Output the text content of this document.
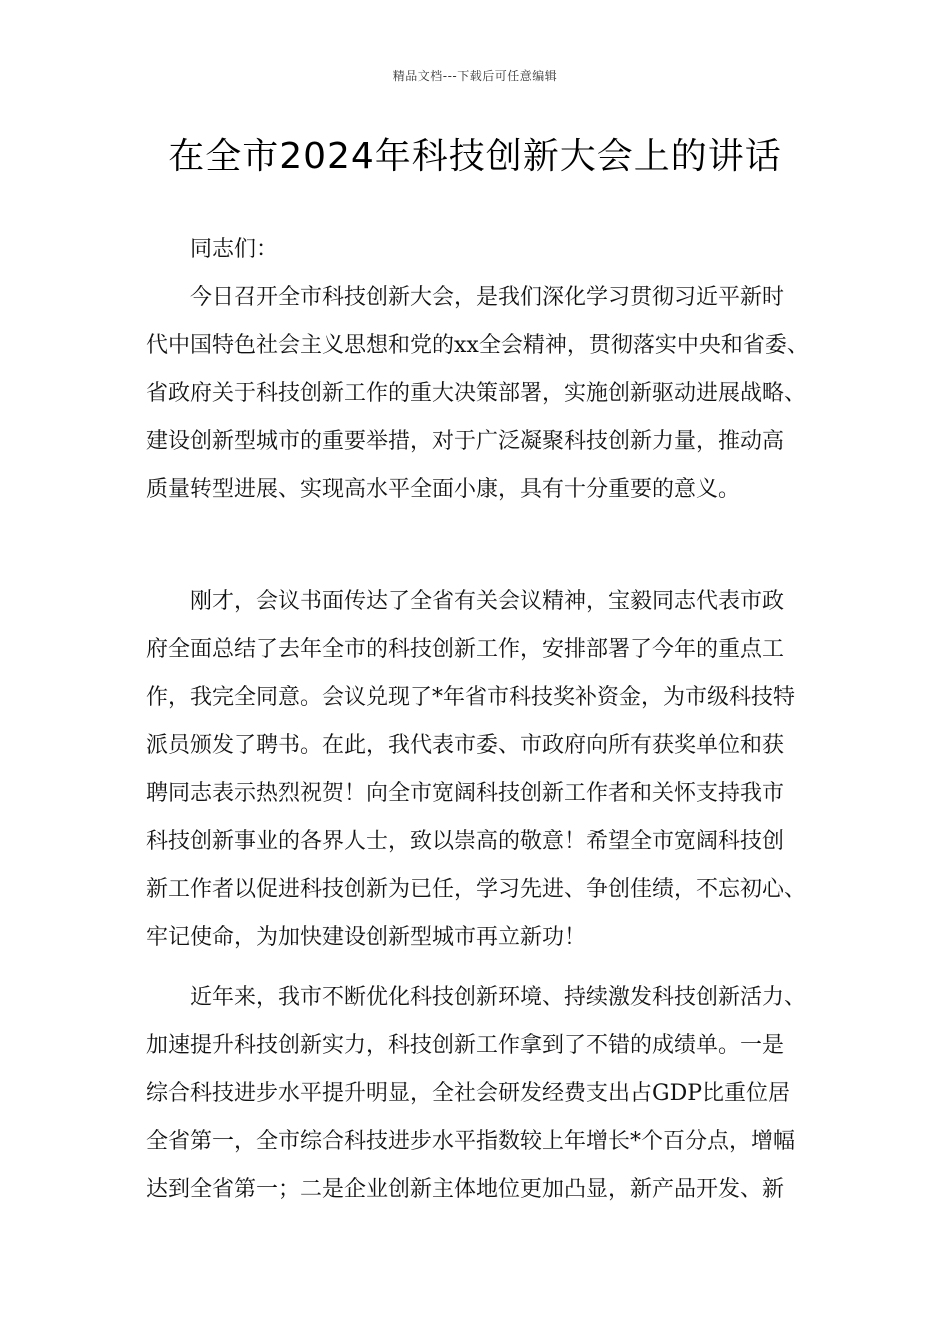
精品文档---下载后可任意编辑
在全市2024年科技创新大会上的讲话
同志们：
今日召开全市科技创新大会，是我们深化学习贯彻习近平新时
代中国特色社会主义思想和党的xx全会精神，贯彻落实中央和省委、
省政府关于科技创新工作的重大决策部署，实施创新驱动进展战略、
建设创新型城市的重要举措，对于广泛凝聚科技创新力量，推动高
质量转型进展、实现高水平全面小康，具有十分重要的意义。
刚才，会议书面传达了全省有关会议精神，宝毅同志代表市政
府全面总结了去年全市的科技创新工作，安排部署了今年的重点工
作，我完全同意。会议兑现了*年省市科技奖补资金，为市级科技特
派员颁发了聘书。在此，我代表市委、市政府向所有获奖单位和获
聘同志表示热烈祝贺！向全市宽阔科技创新工作者和关怀支持我市
科技创新事业的各界人士，致以崇高的敬意！希望全市宽阔科技创
新工作者以促进科技创新为已任，学习先进、争创佳绩，不忘初心、
牢记使命，为加快建设创新型城市再立新功！
近年来，我市不断优化科技创新环境、持续激发科技创新活力、
加速提升科技创新实力，科技创新工作拿到了不错的成绩单。一是
综合科技进步水平提升明显，全社会研发经费支出占GDP比重位居
全省第一，全市综合科技进步水平指数较上年增长*个百分点，增幅
达到全省第一；二是企业创新主体地位更加凸显，新产品开发、新
